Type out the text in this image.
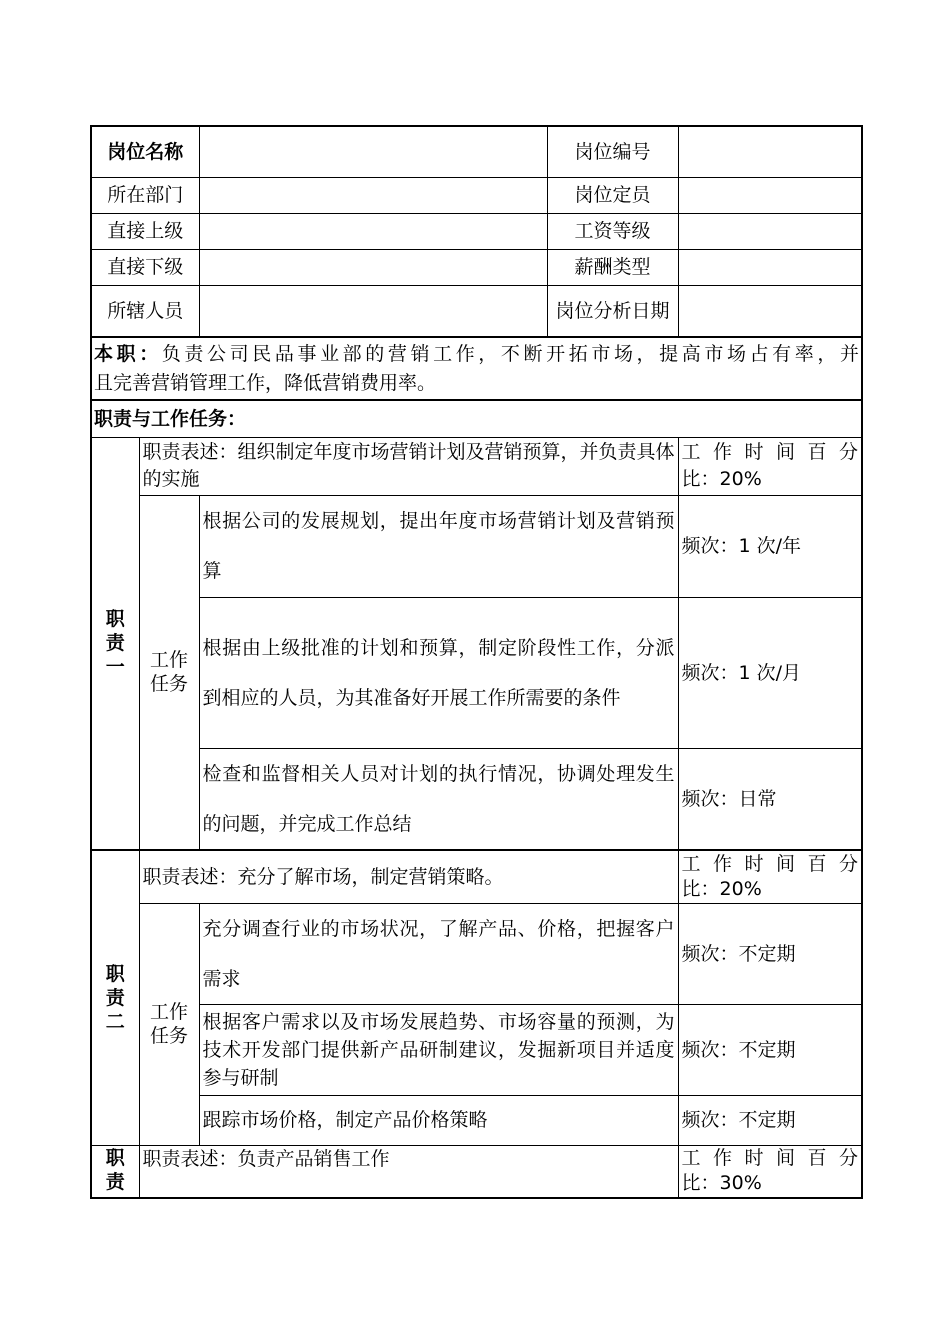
岗位名称			岗位编号	
所在部门			岗位定员	
直接上级			工资等级	
直接下级			薪酬类型	
所辖人员			岗位分析日期	

本职：负责公司民品事业部的营销工作，不断开拓市场，提高市场占有率，并
且完善营销管理工作，降低营销费用率。				

职责与工作任务：				
职责一	职责表述：组织制定年度市场营销计划及营销预算，并负责具体的实施			工作时间百分
比：20%
	工作任务	根据公司的发展规划，提出年度市场营销计划及营销预算		频次：1 次/年
		根据由上级批准的计划和预算，制定阶段性工作，分派到相应的人员，为其准备好开展工作所需要的条件		频次：1 次/月
		检查和监督相关人员对计划的执行情况，协调处理发生的问题，并完成工作总结		频次：日常
职责二	职责表述：充分了解市场，制定营销策略。			工作时间百分
比：20%
	工作任务	充分调查行业的市场状况，了解产品、价格，把握客户需求		频次：不定期
		根据客户需求以及市场发展趋势、市场容量的预测，为技术开发部门提供新产品研制建议，发掘新项目并适度参与研制		频次：不定期
		跟踪市场价格，制定产品价格策略		频次：不定期
职责	职责表述：负责产品销售工作			工作时间百分
比：30%
